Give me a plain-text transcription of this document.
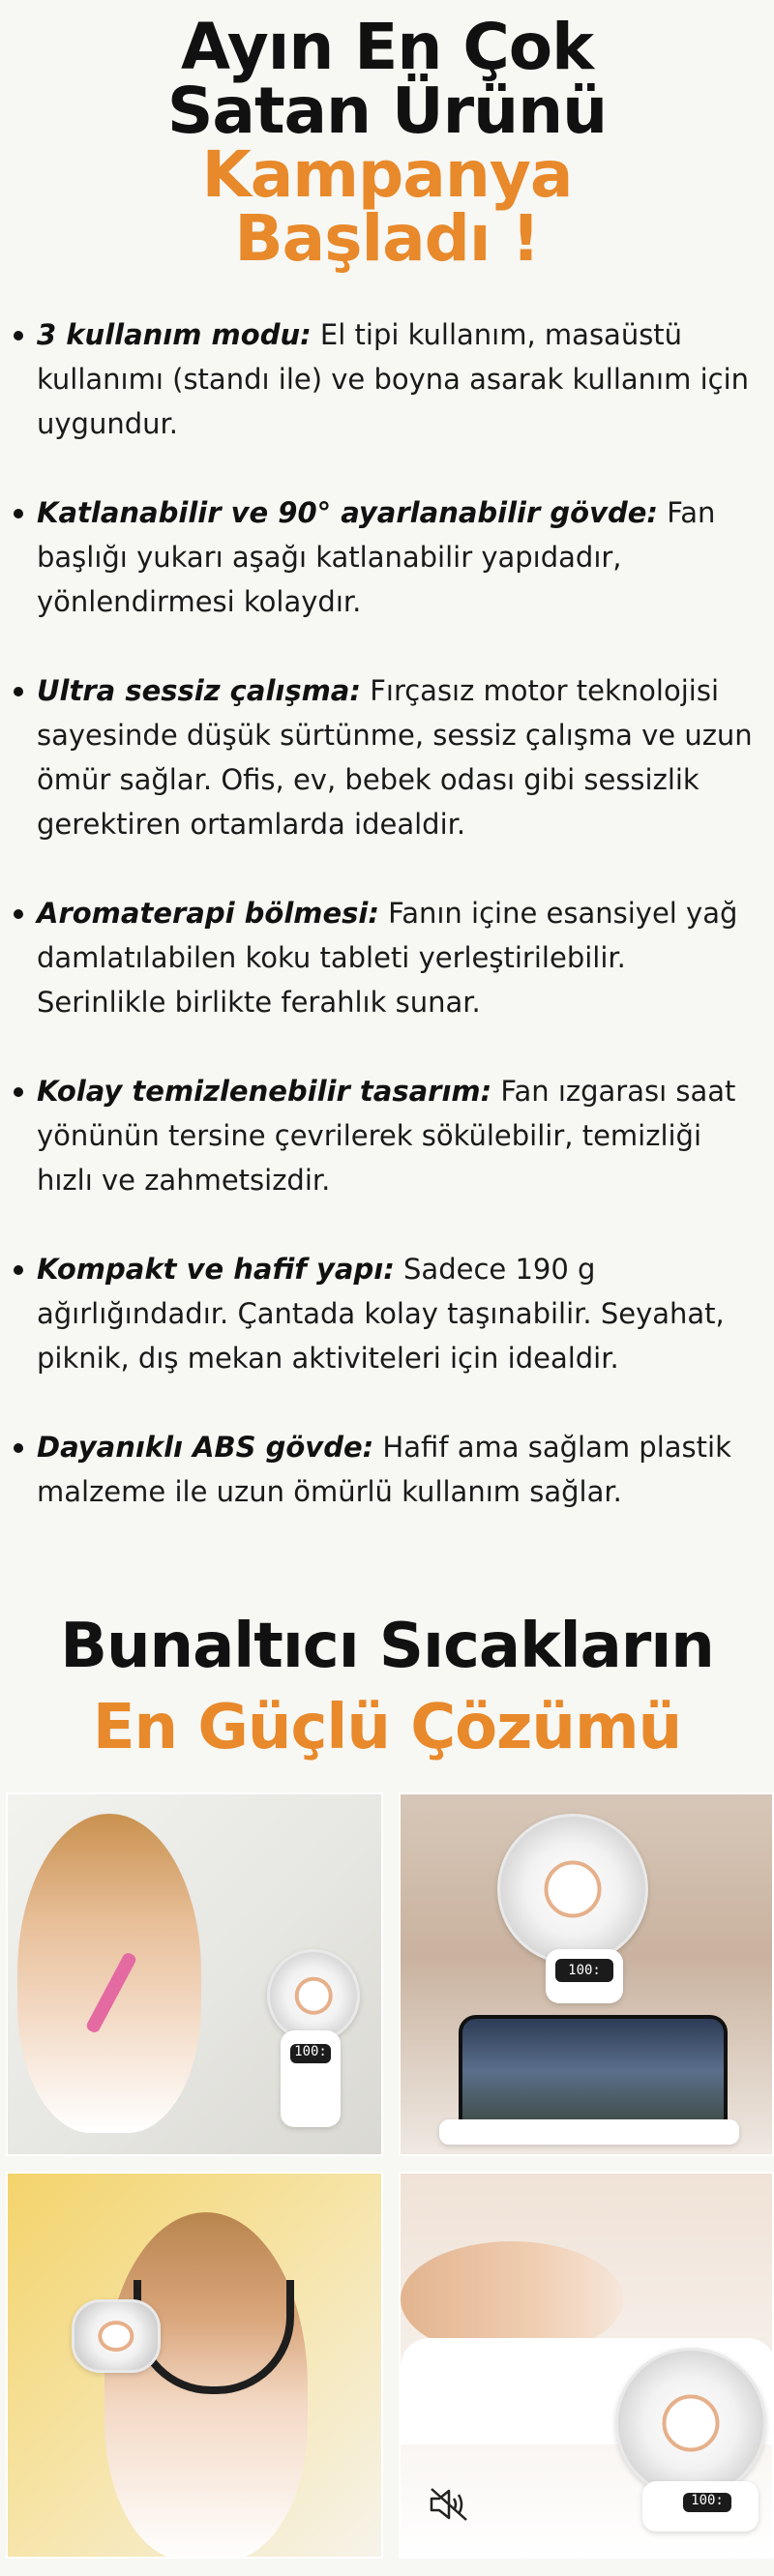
Ayın En Çok
Satan Ürünü
Kampanya
Başladı !
3 kullanım modu: El tipi kullanım, masaüstü kullanımı (standı ile) ve boyna asarak kullanım için uygundur.
Katlanabilir ve 90° ayarlanabilir gövde: Fan başlığı yukarı aşağı katlanabilir yapıdadır, yönlendirmesi kolaydır.
Ultra sessiz çalışma: Fırçasız motor teknolojisi sayesinde düşük sürtünme, sessiz çalışma ve uzun ömür sağlar. Ofis, ev, bebek odası gibi sessizlik gerektiren ortamlarda idealdir.
Aromaterapi bölmesi: Fanın içine esansiyel yağ damlatılabilen koku tableti yerleştirilebilir. Serinlikle birlikte ferahlık sunar.
Kolay temizlenebilir tasarım: Fan ızgarası saat yönünün tersine çevrilerek sökülebilir, temizliği hızlı ve zahmetsizdir.
Kompakt ve hafif yapı: Sadece 190 g ağırlığındadır. Çantada kolay taşınabilir. Seyahat, piknik, dış mekan aktiviteleri için idealdir.
Dayanıklı ABS gövde: Hafif ama sağlam plastik malzeme ile uzun ömürlü kullanım sağlar.
Bunaltıcı Sıcakların
En Güçlü Çözümü
100:
100:
100:
